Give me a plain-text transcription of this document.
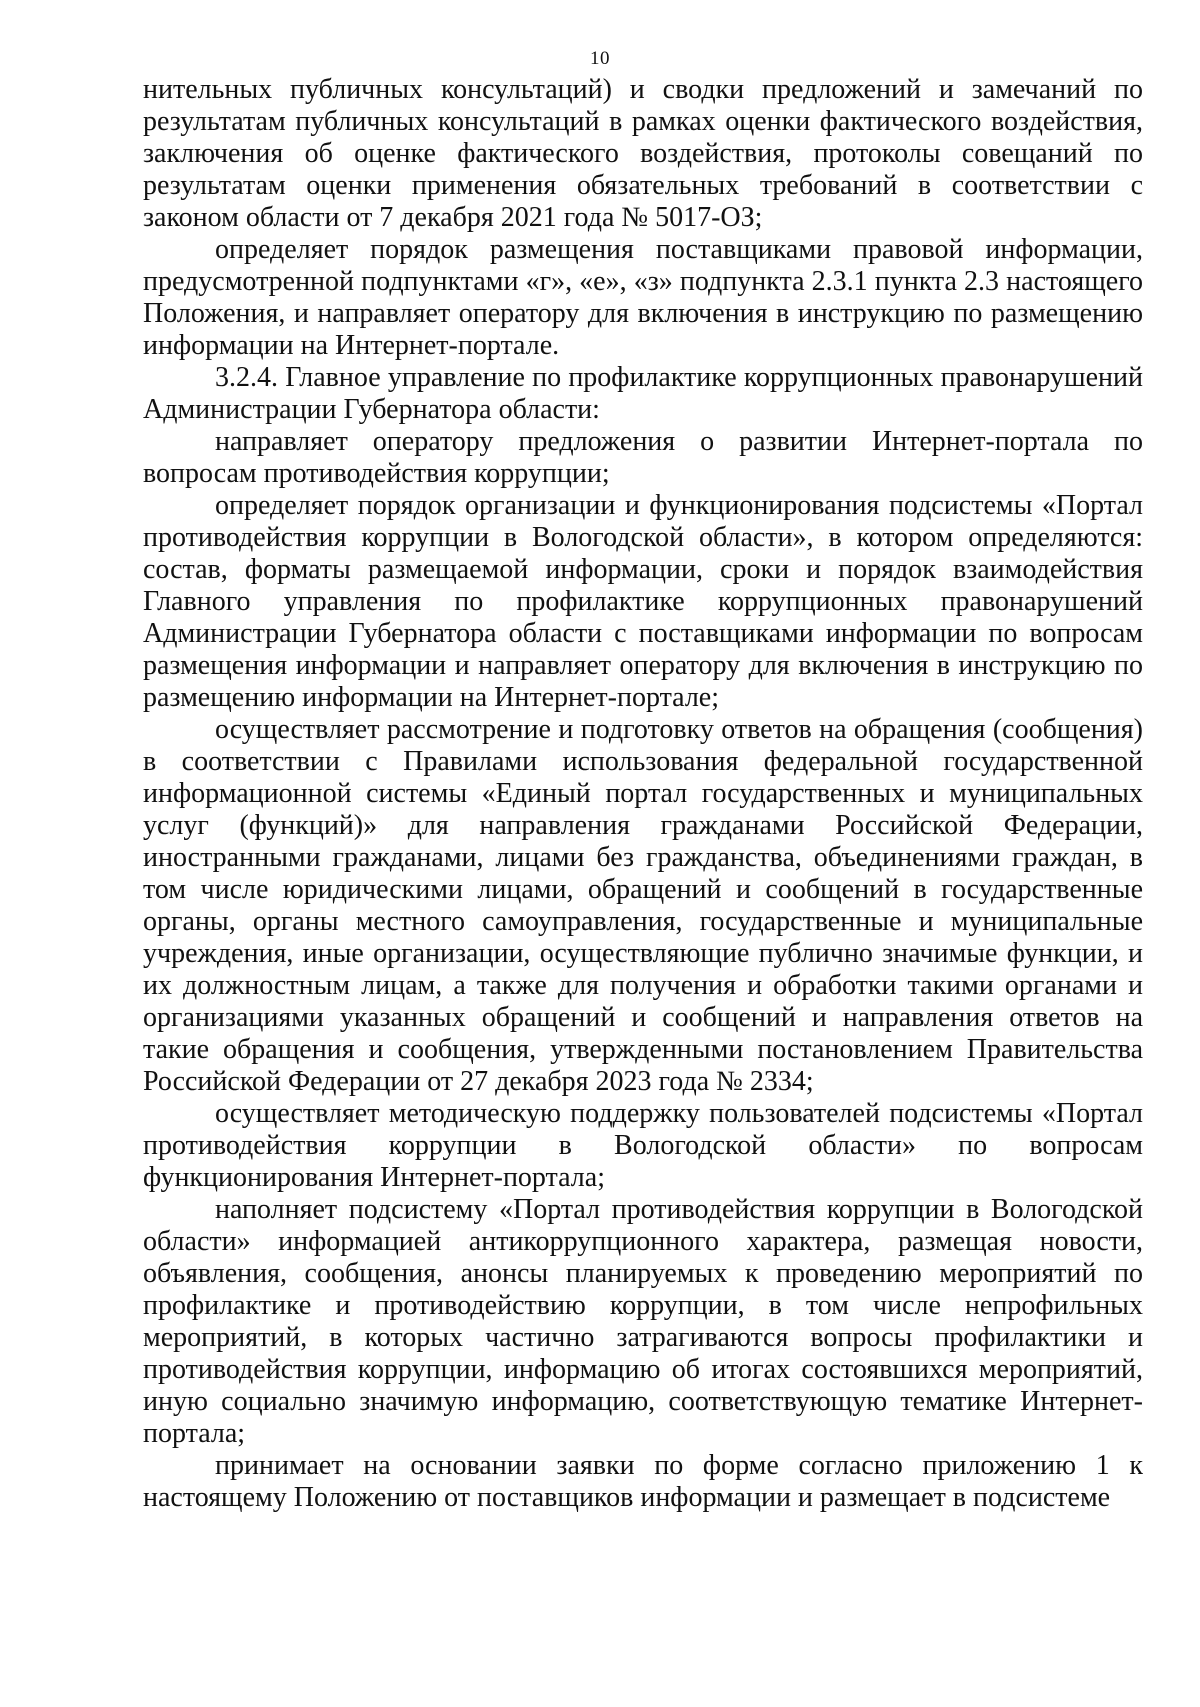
10

нительных публичных консультаций) и сводки предложений и замечаний по результатам публичных консультаций в рамках оценки фактического воздействия, заключения об оценке фактического воздействия, протоколы совещаний по результатам оценки применения обязательных требований в соответствии с законом области от 7 декабря 2021 года № 5017-ОЗ;

определяет порядок размещения поставщиками правовой информации, предусмотренной подпунктами «г», «е», «з» подпункта 2.3.1 пункта 2.3 настоящего Положения, и направляет оператору для включения в инструкцию по размещению информации на Интернет-портале.

3.2.4. Главное управление по профилактике коррупционных правонарушений Администрации Губернатора области:

направляет оператору предложения о развитии Интернет-портала по вопросам противодействия коррупции;

определяет порядок организации и функционирования подсистемы «Портал противодействия коррупции в Вологодской области», в котором определяются: состав, форматы размещаемой информации, сроки и порядок взаимодействия Главного управления по профилактике коррупционных правонарушений Администрации Губернатора области с поставщиками информации по вопросам размещения информации и направляет оператору для включения в инструкцию по размещению информации на Интернет-портале;

осуществляет рассмотрение и подготовку ответов на обращения (сообщения) в соответствии с Правилами использования федеральной государственной информационной системы «Единый портал государственных и муниципальных услуг (функций)» для направления гражданами Российской Федерации, иностранными гражданами, лицами без гражданства, объединениями граждан, в том числе юридическими лицами, обращений и сообщений в государственные органы, органы местного самоуправления, государственные и муниципальные учреждения, иные организации, осуществляющие публично значимые функции, и их должностным лицам, а также для получения и обработки такими органами и организациями указанных обращений и сообщений и направления ответов на такие обращения и сообщения, утвержденными постановлением Правительства Российской Федерации от 27 декабря 2023 года № 2334;

осуществляет методическую поддержку пользователей подсистемы «Портал противодействия коррупции в Вологодской области» по вопросам функционирования Интернет-портала;

наполняет подсистему «Портал противодействия коррупции в Вологодской области» информацией антикоррупционного характера, размещая новости, объявления, сообщения, анонсы планируемых к проведению мероприятий по профилактике и противодействию коррупции, в том числе непрофильных мероприятий, в которых частично затрагиваются вопросы профилактики и противодействия коррупции, информацию об итогах состоявшихся мероприятий, иную социально значимую информацию, соответствующую тематике Интернет-портала;

принимает на основании заявки по форме согласно приложению 1 к настоящему Положению от поставщиков информации и размещает в подсистеме
